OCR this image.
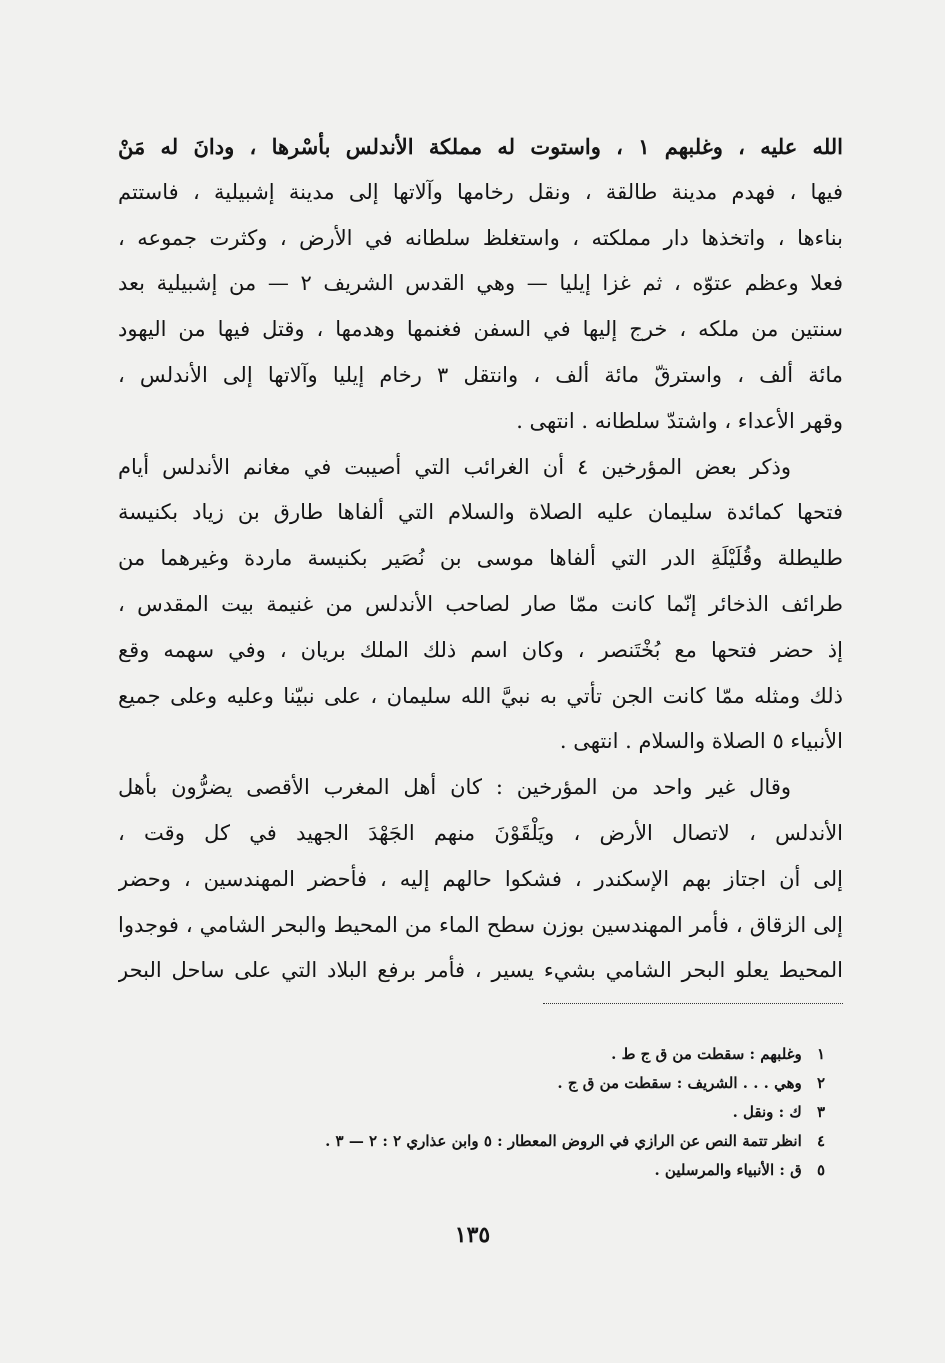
الله عليه ، وغلبهم ١ ، واستوت له مملكة الأندلس بأسْرها ، ودانَ له مَنْ
فيها ، فهدم مدينة طالقة ، ونقل رخامها وآلاتها إلى مدينة إشبيلية ، فاستتم
بناءها ، واتخذها دار مملكته ، واستغلظ سلطانه في الأرض ، وكثرت جموعه ،
فعلا وعظم عتوّه ، ثم غزا إيليا — وهي القدس الشريف ٢ — من إشبيلية بعد
سنتين من ملكه ، خرج إليها في السفن فغنمها وهدمها ، وقتل فيها من اليهود
مائة ألف ، واسترقّ مائة ألف ، وانتقل ٣ رخام إيليا وآلاتها إلى الأندلس ،
وقهر الأعداء ، واشتدّ سلطانه . انتهى .
وذكر بعض المؤرخين ٤ أن الغرائب التي أصيبت في مغانم الأندلس أيام
فتحها كمائدة سليمان عليه الصلاة والسلام التي ألفاها طارق بن زياد بكنيسة
طليطلة وقُلَيْلَةِ الدر التي ألفاها موسى بن نُصَير بكنيسة ماردة وغيرهما من
طرائف الذخائر إنّما كانت ممّا صار لصاحب الأندلس من غنيمة بيت المقدس ،
إذ حضر فتحها مع بُخْتَنصر ، وكان اسم ذلك الملك بريان ، وفي سهمه وقع
ذلك ومثله ممّا كانت الجن تأتي به نبيَّ الله سليمان ، على نبيّنا وعليه وعلى جميع
الأنبياء ٥ الصلاة والسلام . انتهى .
وقال غير واحد من المؤرخين : كان أهل المغرب الأقصى يضرُّون بأهل
الأندلس ، لاتصال الأرض ، ويَلْقَوْنَ منهم الجَهْدَ الجهيد في كل وقت ،
إلى أن اجتاز بهم الإسكندر ، فشكوا حالهم إليه ، فأحضر المهندسين ، وحضر
إلى الزقاق ، فأمر المهندسين بوزن سطح الماء من المحيط والبحر الشامي ، فوجدوا
المحيط يعلو البحر الشامي بشيء يسير ، فأمر برفع البلاد التي على ساحل البحر
١ وغلبهم : سقطت من ق ج ط .
٢ وهي . . . الشريف : سقطت من ق ج .
٣ ك : ونقل .
٤ انظر تتمة النص عن الرازي في الروض المعطار : ٥ وابن عذاري ٢ : ٢ — ٣ .
٥ ق : الأنبياء والمرسلين .
١٣٥
